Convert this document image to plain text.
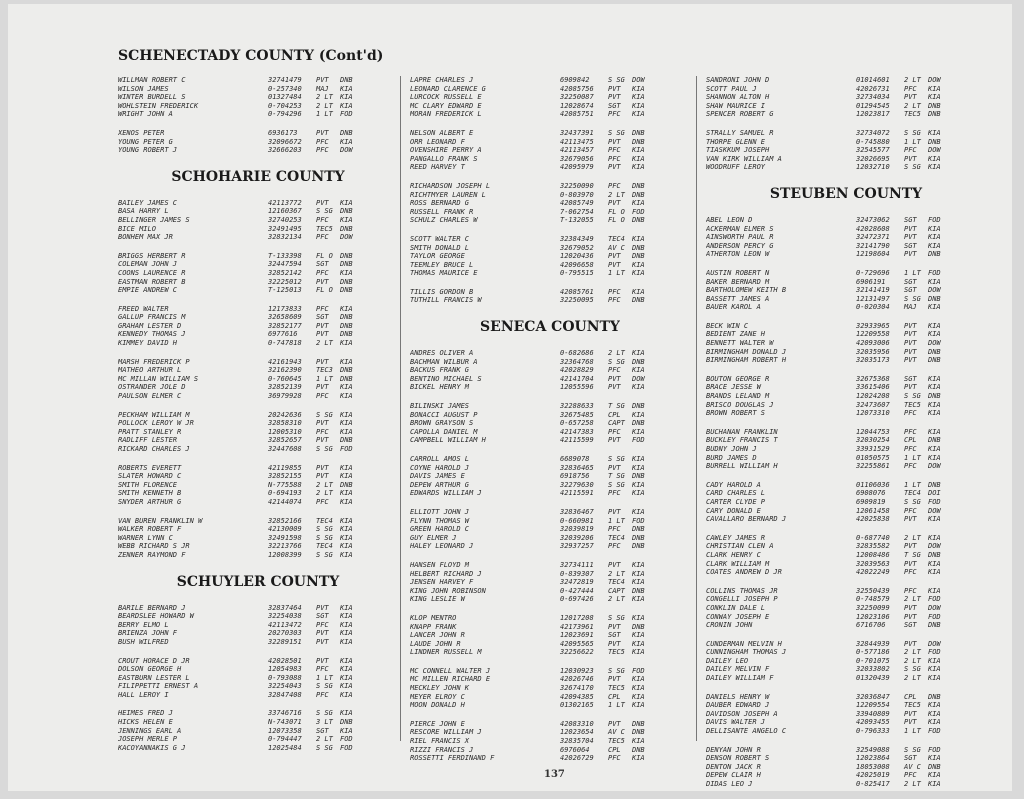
SCHENECTADY COUNTY (Cont'd)
WILLMAN ROBERT C	32741479	PVT	DNB
WILSON JAMES	0-257340	MAJ	KIA
WINTER BURDELL S	01327484	2 LT	KIA
WOHLSTEIN FREDERICK	0-704253	2 LT	KIA
WRIGHT JOHN A	0-794296	1 LT	FOD
XENOS PETER	6936173	PVT	DNB
YOUNG PETER G	32096672	PFC	KIA
YOUNG ROBERT J	32666203	PFC	DOW
SCHOHARIE COUNTY
BAILEY JAMES C	42113772	PVT	KIA
BASA HARRY L	12160367	S SG	DNB
BELLINGER JAMES S	32740253	PFC	KIA
BICE MILO	32491495	TEC5	DNB
BONHEM MAX JR	32832134	PFC	DOW
BRIGGS HERBERT R	T-133398	FL O	DNB
COLEMAN JOHN J	32447594	SGT	DNB
COONS LAURENCE R	32852142	PFC	KIA
EASTMAN ROBERT B	32225012	PVT	DNB
EMPIE ANDREW C	T-125013	FL O	DNB
FREED WALTER	12173833	PFC	KIA
GALLUP FRANCIS M	32658609	SGT	DNB
GRAHAM LESTER D	32852177	PVT	DNB
KENNEDY THOMAS J	6977616	PVT	DNB
KIMMEY DAVID H	0-747818	2 LT	KIA
MARSH FREDERICK P	42161943	PVT	KIA
MATHEO ARTHUR L	32162390	TEC3	DNB
MC MILLAN WILLIAM S	0-760645	1 LT	DNB
OSTRANDER JOLE D	32852139	PVT	KIA
PAULSON ELMER C	36979928	PFC	KIA
PECKHAM WILLIAM M	20242636	S SG	KIA
POLLOCK LEROY W JR	32858310	PVT	KIA
PRATT STANLEY R	12005310	PFC	KIA
RADLIFF LESTER	32852657	PVT	DNB
RICKARD CHARLES J	32447608	S SG	FOD
ROBERTS EVERETT	42119855	PVT	KIA
SLATER HOWARD C	32852155	PVT	KIA
SMITH FLORENCE	N-775588	2 LT	DNB
SMITH KENNETH B	0-694193	2 LT	KIA
SNYDER ARTHUR G	42144074	PFC	KIA
VAN BUREN FRANKLIN W	32852166	TEC4	KIA
WALKER ROBERT F	42130009	S SG	KIA
WARNER LYNN C	32491598	S SG	KIA
WEBB RICHARD S JR	32213766	TEC4	KIA
ZENNER RAYMOND F	12008399	S SG	KIA
SCHUYLER COUNTY
BARILE BERNARD J	32837464	PVT	KIA
BEARDSLEE HOWARD W	32254038	SGT	KIA
BERRY ELMO L	42113472	PFC	KIA
BRIENZA JOHN F	20270303	PVT	KIA
BUSH WILFRED	32289151	PVT	KIA
CROUT HORACE D JR	42028501	PVT	KIA
DOLSON GEORGE H	12054983	PFC	KIA
EASTBURN LESTER L	0-793088	1 LT	KIA
FILIPPETTI ERNEST A	32254043	S SG	KIA
HALL LEROY I	32847408	PFC	KIA
HEIMES FRED J	33746716	S SG	KIA
HICKS HELEN E	N-743071	3 LT	DNB
JENNINGS EARL A	12073358	SGT	KIA
JOSEPH MERLE P	0-794447	2 LT	FOD
KACOYANNAKIS G J	12025484	S SG	FOD
LAPRE CHARLES J	6909842	S SG	DOW
LEONARD CLARENCE G	42085756	PVT	KIA
LURCOCK RUSSELL E	32250087	PVT	KIA
MC CLARY EDWARD E	12028674	SGT	KIA
MORAN FREDERICK L	42085751	PFC	KIA
NELSON ALBERT E	32437391	S SG	DNB
ORR LEONARD F	42113475	PVT	DNB
OVENSHIRE PERRY A	42113457	PFC	KIA
PANGALLO FRANK S	32679056	PFC	KIA
REED HARVEY T	42095979	PVT	KIA
RICHARDSON JOSEPH L	32250090	PFC	DNB
RICHTMYER LAUREN L	0-803970	2 LT	DNB
ROSS BERNARD G	42085749	PVT	KIA
RUSSELL FRANK R	7-062754	FL O	FOD
SCHULZ CHARLES W	T-132055	FL O	DNB
SCOTT WALTER C	32384349	TEC4	KIA
SMITH DONALD L	32679052	AV C	DNB
TAYLOR GEORGE	12020436	PVT	DNB
TEEMLEY BRUCE L	42096658	PVT	KIA
THOMAS MAURICE E	0-795515	1 LT	KIA
TILLIS GORDON B	42085761	PFC	KIA
TUTHILL FRANCIS W	32250095	PFC	DNB
SENECA COUNTY
ANDRES OLIVER A	0-682686	2 LT	KIA
BACHMAN WILBUR A	32364768	S SG	DNB
BACKUS FRANK G	42028829	PFC	KIA
BENTINO MICHAEL S	42141704	PVT	DOW
BICKEL HENRY M	12055596	PVT	KIA
BILINSKI JAMES	32288633	T SG	DNB
BONACCI AUGUST P	32675485	CPL	KIA
BROWN GRAYSON S	0-657258	CAPT	DNB
CAPOLLA DANIEL M	42147383	PFC	KIA
CAMPBELL WILLIAM H	42115599	PVT	FOD
CARROLL AMOS L	6689078	S SG	KIA
COYNE HAROLD J	32836465	PVT	KIA
DAVIS JAMES E	6918756	T SG	DNB
DEPEW ARTHUR G	32279630	S SG	KIA
EDWARDS WILLIAM J	42115591	PFC	KIA
ELLIOTT JOHN J	32836467	PVT	KIA
FLYNN THOMAS W	0-660981	1 LT	FOD
GREEN HAROLD C	32039819	PFC	DNB
GUY ELMER J	32039206	TEC4	DNB
HALEY LEONARD J	32937257	PFC	DNB
HANSEN FLOYD M	32734111	PVT	KIA
HELBERT RICHARD J	0-839307	2 LT	KIA
JENSEN HARVEY F	32472819	TEC4	KIA
KING JOHN ROBINSON	0-427444	CAPT	DNB
KING LESLIE W	0-697426	2 LT	KIA
KLOP MENTRO	12017208	S SG	KIA
KNAPP FRANK	42173961	PVT	DNB
LANCER JOHN R	12023691	SGT	KIA
LAUDE JOHN R	42095565	PVT	KIA
LINDNER RUSSELL M	32256622	TEC5	KIA
MC CONNELL WALTER J	12030923	S SG	FOD
MC MILLEN RICHARD E	42026746	PVT	KIA
MECKLEY JOHN K	32674170	TEC5	KIA
MEYER ELROY C	42094385	CPL	KIA
MOON DONALD H	01302165	1 LT	KIA
PIERCE JOHN E	42083310	PVT	DNB
RESCORE WILLIAM J	12023654	AV C	DNB
RIEL FRANCIS X	32835704	TEC5	KIA
RIZZI FRANCIS J	6976064	CPL	DNB
ROSSETTI FERDINAND F	42026729	PFC	KIA
SANDRONI JOHN D	01014601	2 LT	DOW
SCOTT PAUL J	42026731	PFC	KIA
SHANNON ALTON H	32734034	PVT	KIA
SHAW MAURICE I	01294545	2 LT	DNB
SPENCER ROBERT G	12023817	TEC5	DNB
STRALLY SAMUEL R	32734072	S SG	KIA
THORPE GLENN E	0-745880	1 LT	DNB
TIASKKUM JOSEPH	32545577	PFC	DOW
VAN KIRK WILLIAM A	32026695	PVT	KIA
WOODRUFF LEROY	12032710	S SG	KIA
STEUBEN COUNTY
ABEL LEON D	32473062	SGT	FOD
ACKERMAN ELMER S	42028608	PVT	KIA
AINSWORTH PAUL R	32472371	PVT	KIA
ANDERSON PERCY G	32141790	SGT	KIA
ATHERTON LEON W	12198604	PVT	DNB
AUSTIN ROBERT N	0-729696	1 LT	FOD
BAKER BERNARD M	6906191	SGT	KIA
BARTHOLOMEW KEITH B	32141419	SGT	DOW
BASSETT JAMES A	12131497	S SG	DNB
BAUER KAROL A	0-020304	MAJ	KIA
BECK WIN C	32933965	PVT	KIA
BEDIENT ZANE H	12209558	PVT	KIA
BENNETT WALTER W	42093006	PVT	DOW
BIRMINGHAM DONALD J	32035956	PVT	DNB
BIRMINGHAM ROBERT H	32035173	PVT	DNB
BOUTON GEORGE R	32675368	SGT	KIA
BRACE JESSE W	33615406	PVT	KIA
BRANDS LELAND M	12024208	S SG	DNB
BRISCO DOUGLAS J	32473607	TEC5	KIA
BROWN ROBERT S	12073310	PFC	KIA
BUCHANAN FRANKLIN	12044753	PFC	KIA
BUCKLEY FRANCIS T	32030254	CPL	DNB
BUDNY JOHN J	33931529	PFC	KIA
BURD JAMES D	01050575	1 LT	KIA
BURRELL WILLIAM H	32255861	PFC	DOW
CADY HAROLD A	01106036	1 LT	DNB
CARD CHARLES L	6908076	TEC4	DOI
CARTER CLYDE P	6909819	S SG	FOD
CARY DONALD E	12061458	PFC	DOW
CAVALLARO BERNARD J	42025838	PVT	KIA
CAWLEY JAMES R	0-687740	2 LT	KIA
CHRISTIAN CLEN A	32835582	PVT	DOW
CLARK HENRY C	12008486	T SG	DNB
CLARK WILLIAM M	32039563	PVT	KIA
COATES ANDREW D JR	42022249	PFC	KIA
COLLINS THOMAS JR	32550439	PFC	KIA
CONGELLI JOSEPH P	0-748579	2 LT	FOD
CONKLIN DALE L	32250099	PVT	DOW
CONWAY JOSEPH E	12023106	PVT	FOD
CRONIN JOHN	6716706	SGT	DNB
CUNDERMAN MELVIN H	32844939	PVT	DOW
CUNNINGHAM THOMAS J	0-577186	2 LT	FOD
DAILEY LEO	0-701075	2 LT	KIA
DAILEY MELVIN F	32033802	S SG	KIA
DAILEY WILLIAM F	01320439	2 LT	KIA
DANIELS HENRY W	32036847	CPL	DNB
DAUBER EDWARD J	12209554	TEC5	KIA
DAVIDSON JOSEPH A	33940809	PVT	KIA
DAVIS WALTER J	42093455	PVT	KIA
DELLISANTE ANGELO C	0-796333	1 LT	FOD
DENYAN JOHN R	32549088	S SG	FOD
DENSON ROBERT S	12023864	SGT	KIA
DENTON JACK R	18053008	AV C	DNB
DEPEW CLAIR H	42025019	PFC	KIA
DIDAS LEO J	0-825417	2 LT	KIA
137
